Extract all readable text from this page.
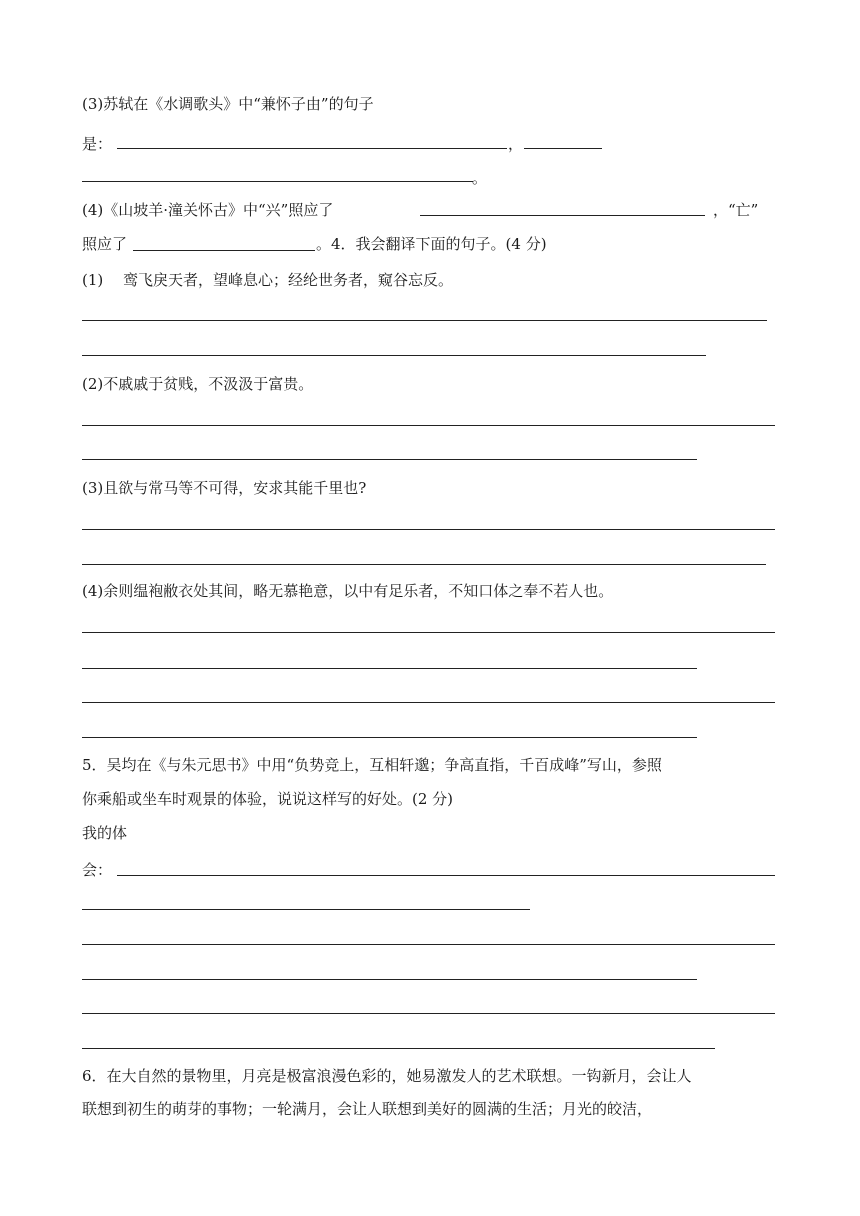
(3)苏轼在《水调歌头》中“兼怀子由”的句子
是：	，
。
(4)《山坡羊·潼关怀古》中“兴”照应了	，“亡”
照应了	。4．我会翻译下面的句子。(4 分)
(1)　 鸾飞戾天者，望峰息心；经纶世务者，窥谷忘反。
(2)不戚戚于贫贱，不汲汲于富贵。
(3)且欲与常马等不可得，安求其能千里也?
(4)余则缊袍敝衣处其间，略无慕艳意，以中有足乐者，不知口体之奉不若人也。
5．吴均在《与朱元思书》中用“负势竞上，互相轩邈；争高直指，千百成峰”写山，参照
你乘船或坐车时观景的体验，说说这样写的好处。(2 分)
我的体
会：
6．在大自然的景物里，月亮是极富浪漫色彩的，她易激发人的艺术联想。一钩新月，会让人
联想到初生的萌芽的事物；一轮满月，会让人联想到美好的圆满的生活；月光的皎洁，
